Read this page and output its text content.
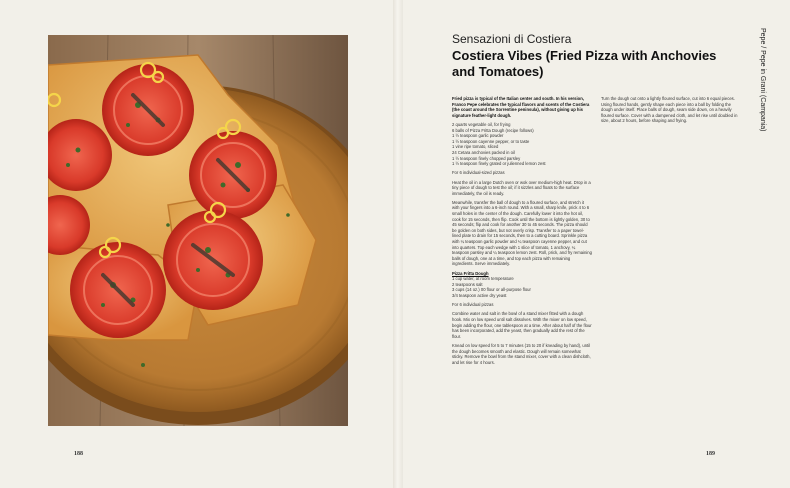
188	189
Pepe / Pepe in Grani (Campania)
Sensazioni di Costiera
Costiera Vibes (Fried Pizza with Anchovies and Tomatoes)

Fried pizza is typical of the Italian center and south. In his version, Franco Pepe celebrates the typical flavors and scents of the Costiera (the coast around the Sorrentine peninsula), without giving up his signature feather-light dough.

2 quarts vegetable oil, for frying
6 balls of Pizza Fritta Dough (recipe follows)
1 ½ teaspoon garlic powder
1 ½ teaspoon cayenne pepper, or to taste
1 vine ripe tomato, sliced
24 Cetara anchovies packed in oil
1 ½ teaspoon finely chopped parsley
1 ½ teaspoon finely grated or julienned lemon zest

For 6 individual-sized pizzas

Heat the oil in a large Dutch oven or wok over medium-high heat. Drop in a tiny piece of dough to test the oil; if it sizzles and floats to the surface immediately, the oil is ready.

Meanwhile, transfer the ball of dough to a floured surface, and stretch it with your fingers into a 6-inch round. With a small, sharp knife, prick 4 to 6 small holes in the center of the dough. Carefully lower it into the hot oil, cook for 15 seconds, then flip. Cook until the bottom is lightly golden, 30 to 45 seconds; flip and cook for another 30 to 45 seconds. The pizza should be golden on both sides, but not overly crisp. Transfer to a paper towel-lined plate to drain for 15 seconds, then to a cutting board. Sprinkle pizza with ¼ teaspoon garlic powder and ¼ teaspoon cayenne pepper, and cut into quarters. Top each wedge with 1 slice of tomato, 1 anchovy, ¼ teaspoon parsley and ¼ teaspoon lemon zest. Roll, prick, and fry remaining balls of dough, one at a time, and top each pizza with remaining ingredients. Serve immediately.

Pizza Fritta Dough

1 cup water, at room temperature
2 teaspoons salt
3 cups (14 oz.) 00 flour or all-purpose flour
3/4 teaspoon active dry yeast

For 6 individual pizzas

Combine water and salt in the bowl of a stand mixer fitted with a dough hook. Mix on low speed until salt dissolves. With the mixer on low speed, begin adding the flour, one tablespoon at a time. After about half of the flour has been incorporated, add the yeast, then gradually add the rest of the flour.

Knead on low speed for 5 to 7 minutes (15 to 20 if kneading by hand), until the dough becomes smooth and elastic. Dough will remain somewhat sticky. Remove the bowl from the stand mixer, cover with a clean dishcloth, and let rise for 4 hours.

Turn the dough out onto a lightly floured surface, cut into 6 equal pieces. Using floured hands, gently shape each piece into a ball by folding the dough under itself. Place balls of dough, seam side down, on a heavily floured surface. Cover with a dampened cloth, and let rise until doubled in size, about 2 hours, before shaping and frying.
